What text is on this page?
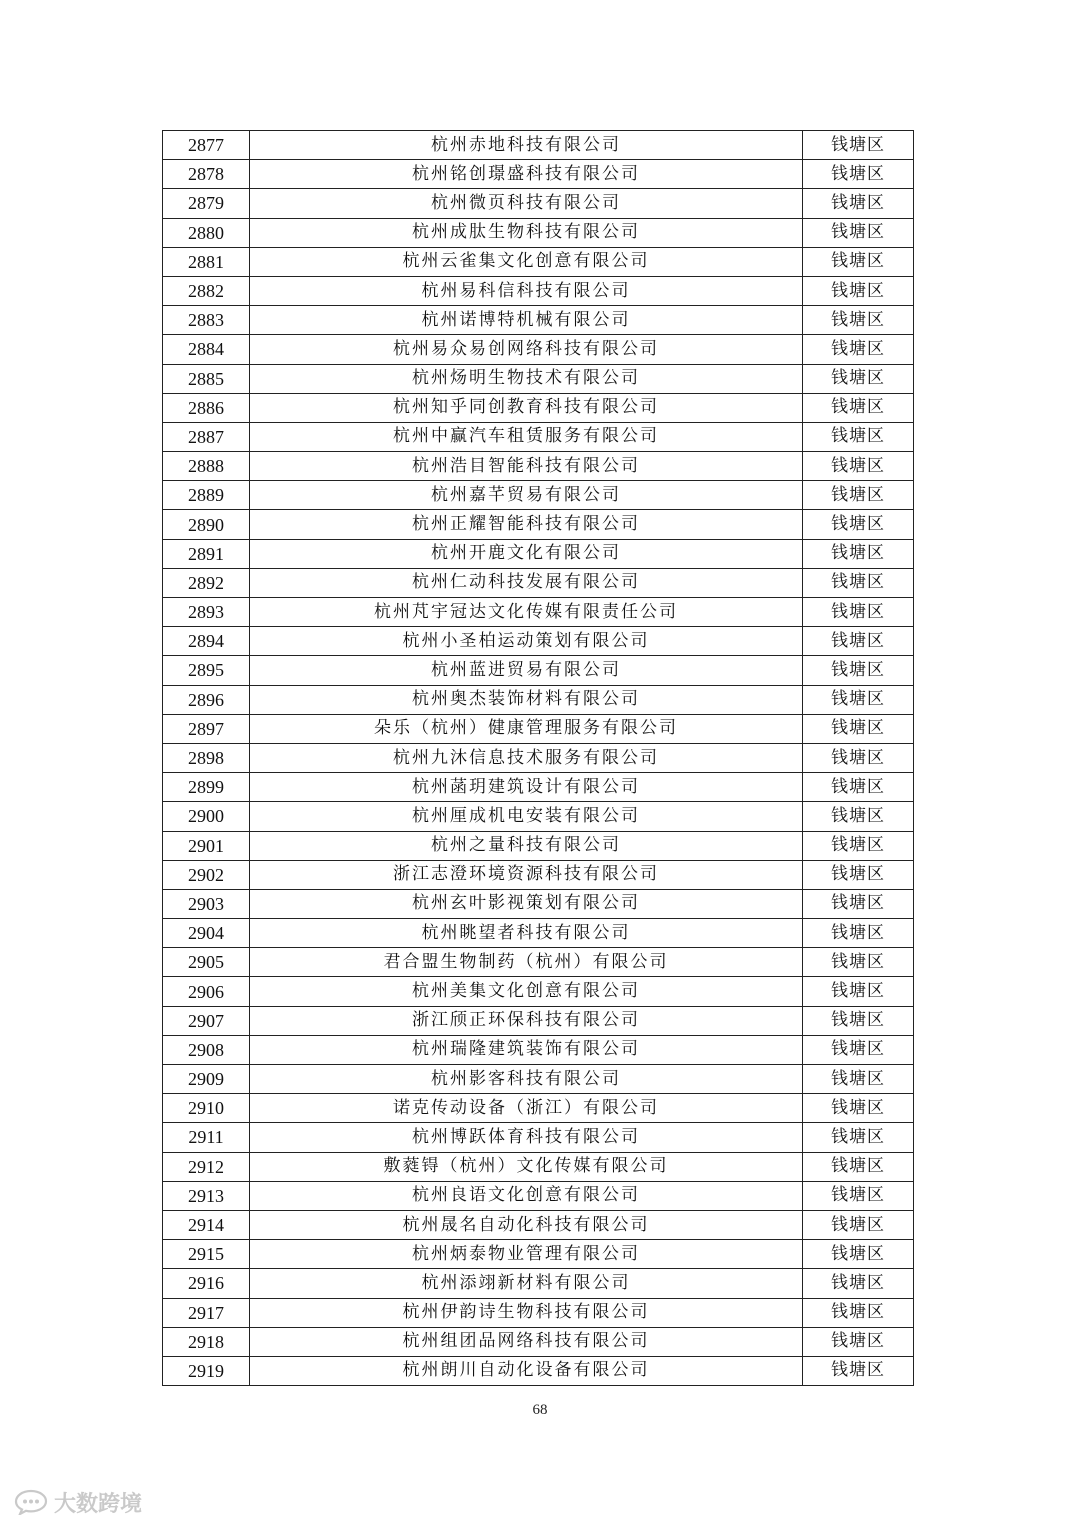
2877	杭州赤地科技有限公司	钱塘区
2878	杭州铭创璟盛科技有限公司	钱塘区
2879	杭州微页科技有限公司	钱塘区
2880	杭州成肽生物科技有限公司	钱塘区
2881	杭州云雀集文化创意有限公司	钱塘区
2882	杭州易科信科技有限公司	钱塘区
2883	杭州诺博特机械有限公司	钱塘区
2884	杭州易众易创网络科技有限公司	钱塘区
2885	杭州炀明生物技术有限公司	钱塘区
2886	杭州知乎同创教育科技有限公司	钱塘区
2887	杭州中赢汽车租赁服务有限公司	钱塘区
2888	杭州浩目智能科技有限公司	钱塘区
2889	杭州嘉芊贸易有限公司	钱塘区
2890	杭州正耀智能科技有限公司	钱塘区
2891	杭州开鹿文化有限公司	钱塘区
2892	杭州仁动科技发展有限公司	钱塘区
2893	杭州芃宇冠达文化传媒有限责任公司	钱塘区
2894	杭州小圣柏运动策划有限公司	钱塘区
2895	杭州蓝进贸易有限公司	钱塘区
2896	杭州奥杰装饰材料有限公司	钱塘区
2897	朵乐（杭州）健康管理服务有限公司	钱塘区
2898	杭州九沐信息技术服务有限公司	钱塘区
2899	杭州菡玥建筑设计有限公司	钱塘区
2900	杭州厘成机电安装有限公司	钱塘区
2901	杭州之量科技有限公司	钱塘区
2902	浙江志澄环境资源科技有限公司	钱塘区
2903	杭州玄叶影视策划有限公司	钱塘区
2904	杭州眺望者科技有限公司	钱塘区
2905	君合盟生物制药（杭州）有限公司	钱塘区
2906	杭州美集文化创意有限公司	钱塘区
2907	浙江颀正环保科技有限公司	钱塘区
2908	杭州瑞隆建筑装饰有限公司	钱塘区
2909	杭州影客科技有限公司	钱塘区
2910	诺克传动设备（浙江）有限公司	钱塘区
2911	杭州博跃体育科技有限公司	钱塘区
2912	敷蕤锝（杭州）文化传媒有限公司	钱塘区
2913	杭州良语文化创意有限公司	钱塘区
2914	杭州晟名自动化科技有限公司	钱塘区
2915	杭州炳泰物业管理有限公司	钱塘区
2916	杭州添翊新材料有限公司	钱塘区
2917	杭州伊韵诗生物科技有限公司	钱塘区
2918	杭州组团品网络科技有限公司	钱塘区
2919	杭州朗川自动化设备有限公司	钱塘区
68
大数跨境
